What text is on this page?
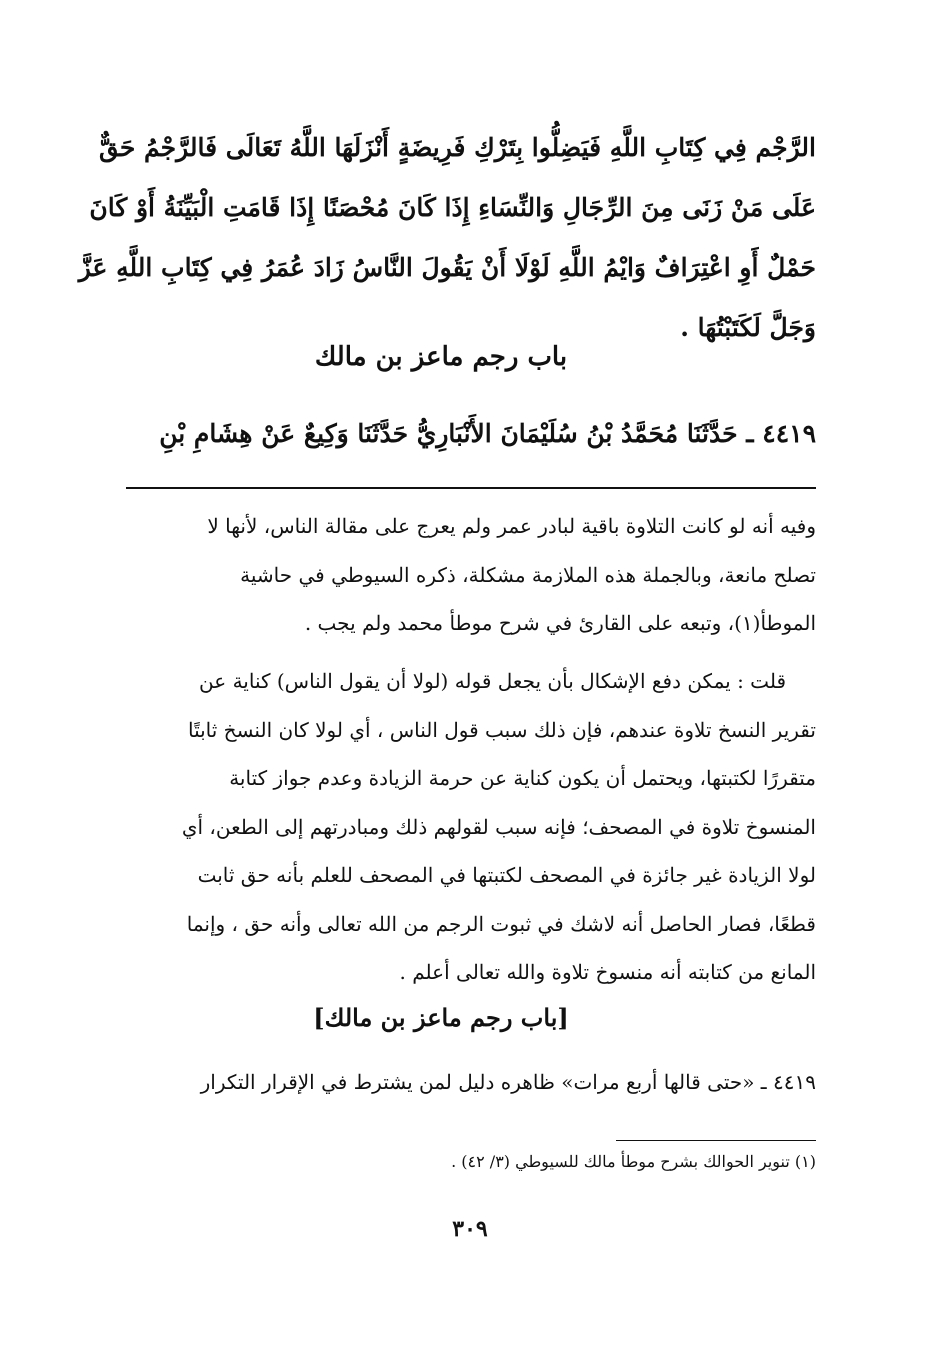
الرَّجْم فِي كِتَابِ اللَّهِ فَيَضِلُّوا بِتَرْكِ فَرِيضَةٍ أَنْزَلَهَا اللَّهُ تَعَالَى فَالرَّجْمُ حَقٌّ

عَلَى مَنْ زَنَى مِنَ الرِّجَالِ وَالنِّسَاءِ إِذَا كَانَ مُحْصَنًا إِذَا قَامَتِ الْبَيِّنَةُ أَوْ كَانَ

حَمْلٌ أَوِ اعْتِرَافٌ وَايْمُ اللَّهِ لَوْلَا أَنْ يَقُولَ النَّاسُ زَادَ عُمَرُ فِي كِتَابِ اللَّهِ عَزَّ

وَجَلَّ لَكَتَبْتُهَا .

باب رجم ماعز بن مالك
٤٤١٩ ـ حَدَّثَنَا مُحَمَّدُ بْنُ سُلَيْمَانَ الأَنْبَارِيُّ حَدَّثَنَا وَكِيعٌ عَنْ هِشَامِ بْنِ

وفيه أنه لو كانت التلاوة باقية لبادر عمر ولم يعرج على مقالة الناس، لأنها لا

تصلح مانعة، وبالجملة هذه الملازمة مشكلة، ذكره السيوطي في حاشية

الموطأ(١)، وتبعه على القارئ في شرح موطأ محمد ولم يجب .

قلت : يمكن دفع الإشكال بأن يجعل قوله (لولا أن يقول الناس) كناية عن

تقرير النسخ تلاوة عندهم، فإن ذلك سبب قول الناس ، أي لولا كان النسخ ثابتًا

متقررًا لكتبتها، ويحتمل أن يكون كناية عن حرمة الزيادة وعدم جواز كتابة

المنسوخ تلاوة في المصحف؛ فإنه سبب لقولهم ذلك ومبادرتهم إلى الطعن، أي

لولا الزيادة غير جائزة في المصحف لكتبتها في المصحف للعلم بأنه حق ثابت

قطعًا، فصار الحاصل أنه لاشك في ثبوت الرجم من الله تعالى وأنه حق ، وإنما

المانع من كتابته أنه منسوخ تلاوة والله تعالى أعلم .

[باب رجم ماعز بن مالك]
٤٤١٩ ـ «حتى قالها أربع مرات» ظاهره دليل لمن يشترط في الإقرار التكرار
(١) تنوير الحوالك بشرح موطأ مالك للسيوطي (٣/ ٤٢) .
٣٠٩
